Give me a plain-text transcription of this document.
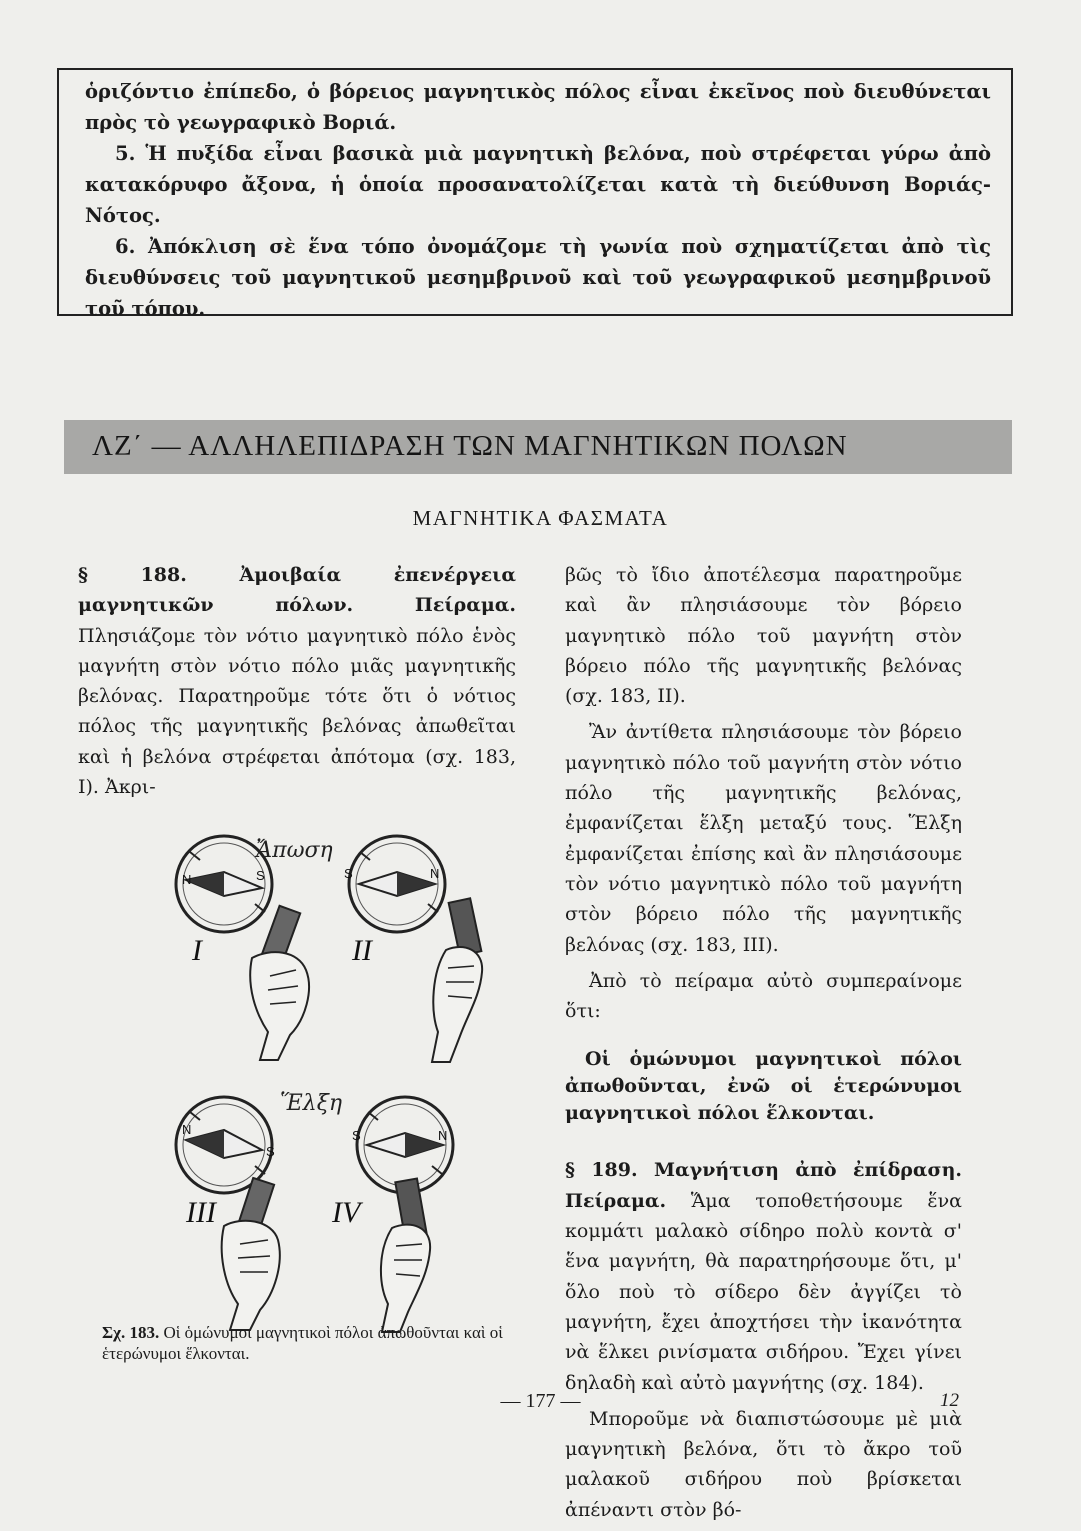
ὁριζόντιο ἐπίπεδο, ὁ βόρειος μαγνητικὸς πόλος εἶναι ἐκεῖνος ποὺ διευθύνεται πρὸς τὸ γεωγραφικὸ Βοριά.

5. Ἡ πυξίδα εἶναι βασικὰ μιὰ μαγνητικὴ βελόνα, ποὺ στρέφεται γύρω ἀπὸ κατακόρυφο ἄξονα, ἡ ὁποία προσανατολίζεται κατὰ τὴ διεύθυνση Βοριάς-Νότος.

6. Ἀπόκλιση σὲ ἕνα τόπο ὀνομάζομε τὴ γωνία ποὺ σχηματίζεται ἀπὸ τὶς διευθύνσεις τοῦ μαγνητικοῦ μεσημβρινοῦ καὶ τοῦ γεωγραφικοῦ μεσημβρινοῦ τοῦ τόπου.

ΛΖ΄ — ΑΛΛΗΛΕΠΙΔΡΑΣΗ ΤΩΝ ΜΑΓΝΗΤΙΚΩΝ ΠΟΛΩΝ
ΜΑΓΝΗΤΙΚΑ ΦΑΣΜΑΤΑ

§ 188. Ἀμοιβαία ἐπενέργεια μαγνητικῶν πόλων. Πείραμα. Πλησιάζομε τὸν νότιο μαγνητικὸ πόλο ἑνὸς μαγνήτη στὸν νότιο πόλο μιᾶς μαγνητικῆς βελόνας. Παρατηροῦμε τότε ὅτι ὁ νότιος πόλος τῆς μαγνητικῆς βελόνας ἀπωθεῖται καὶ ἡ βελόνα στρέφεται ἀπότομα (σχ. 183, Ι). Ἀκρι-

Ἄπωση
N	S	S	N
I	II
Ἕλξη
N
S
S	N
III	IV
Σχ. 183. Οἱ ὁμώνυμοι μαγνητικοὶ πόλοι ἀπωθοῦνται καὶ οἱ ἑτερώνυμοι ἕλκονται.

βῶς τὸ ἴδιο ἀποτέλεσμα παρατηροῦμε καὶ ἂν πλησιάσουμε τὸν βόρειο μαγνητικὸ πόλο τοῦ μαγνήτη στὸν βόρειο πόλο τῆς μαγνητικῆς βελόνας (σχ. 183, ΙΙ).

Ἂν ἀντίθετα πλησιάσουμε τὸν βόρειο μαγνητικὸ πόλο τοῦ μαγνήτη στὸν νότιο πόλο τῆς μαγνητικῆς βελόνας, ἐμφανίζεται ἕλξη μεταξύ τους. Ἕλξη ἐμφανίζεται ἐπίσης καὶ ἂν πλησιάσουμε τὸν νότιο μαγνητικὸ πόλο τοῦ μαγνήτη στὸν βόρειο πόλο τῆς μαγνητικῆς βελόνας (σχ. 183, ΙΙΙ).

Ἀπὸ τὸ πείραμα αὐτὸ συμπεραίνομε ὅτι:

Οἱ ὁμώνυμοι μαγνητικοὶ πόλοι ἀπωθοῦνται, ἐνῶ οἱ ἑτερώνυμοι μαγνητικοὶ πόλοι ἕλκονται.

§ 189. Μαγνήτιση ἀπὸ ἐπίδραση. Πείραμα. Ἅμα τοποθετήσουμε ἕνα κομμάτι μαλακὸ σίδηρο πολὺ κοντὰ σ' ἕνα μαγνήτη, θὰ παρατηρήσουμε ὅτι, μ' ὅλο ποὺ τὸ σίδερο δὲν ἀγγίζει τὸ μαγνήτη, ἔχει ἀποχτήσει τὴν ἱκανότητα νὰ ἕλκει ρινίσματα σιδήρου. Ἔχει γίνει δηλαδὴ καὶ αὐτὸ μαγνήτης (σχ. 184).

Μποροῦμε νὰ διαπιστώσουμε μὲ μιὰ μαγνητικὴ βελόνα, ὅτι τὸ ἄκρο τοῦ μαλακοῦ σιδήρου ποὺ βρίσκεται ἀπέναντι στὸν βό-

— 177 —	12
